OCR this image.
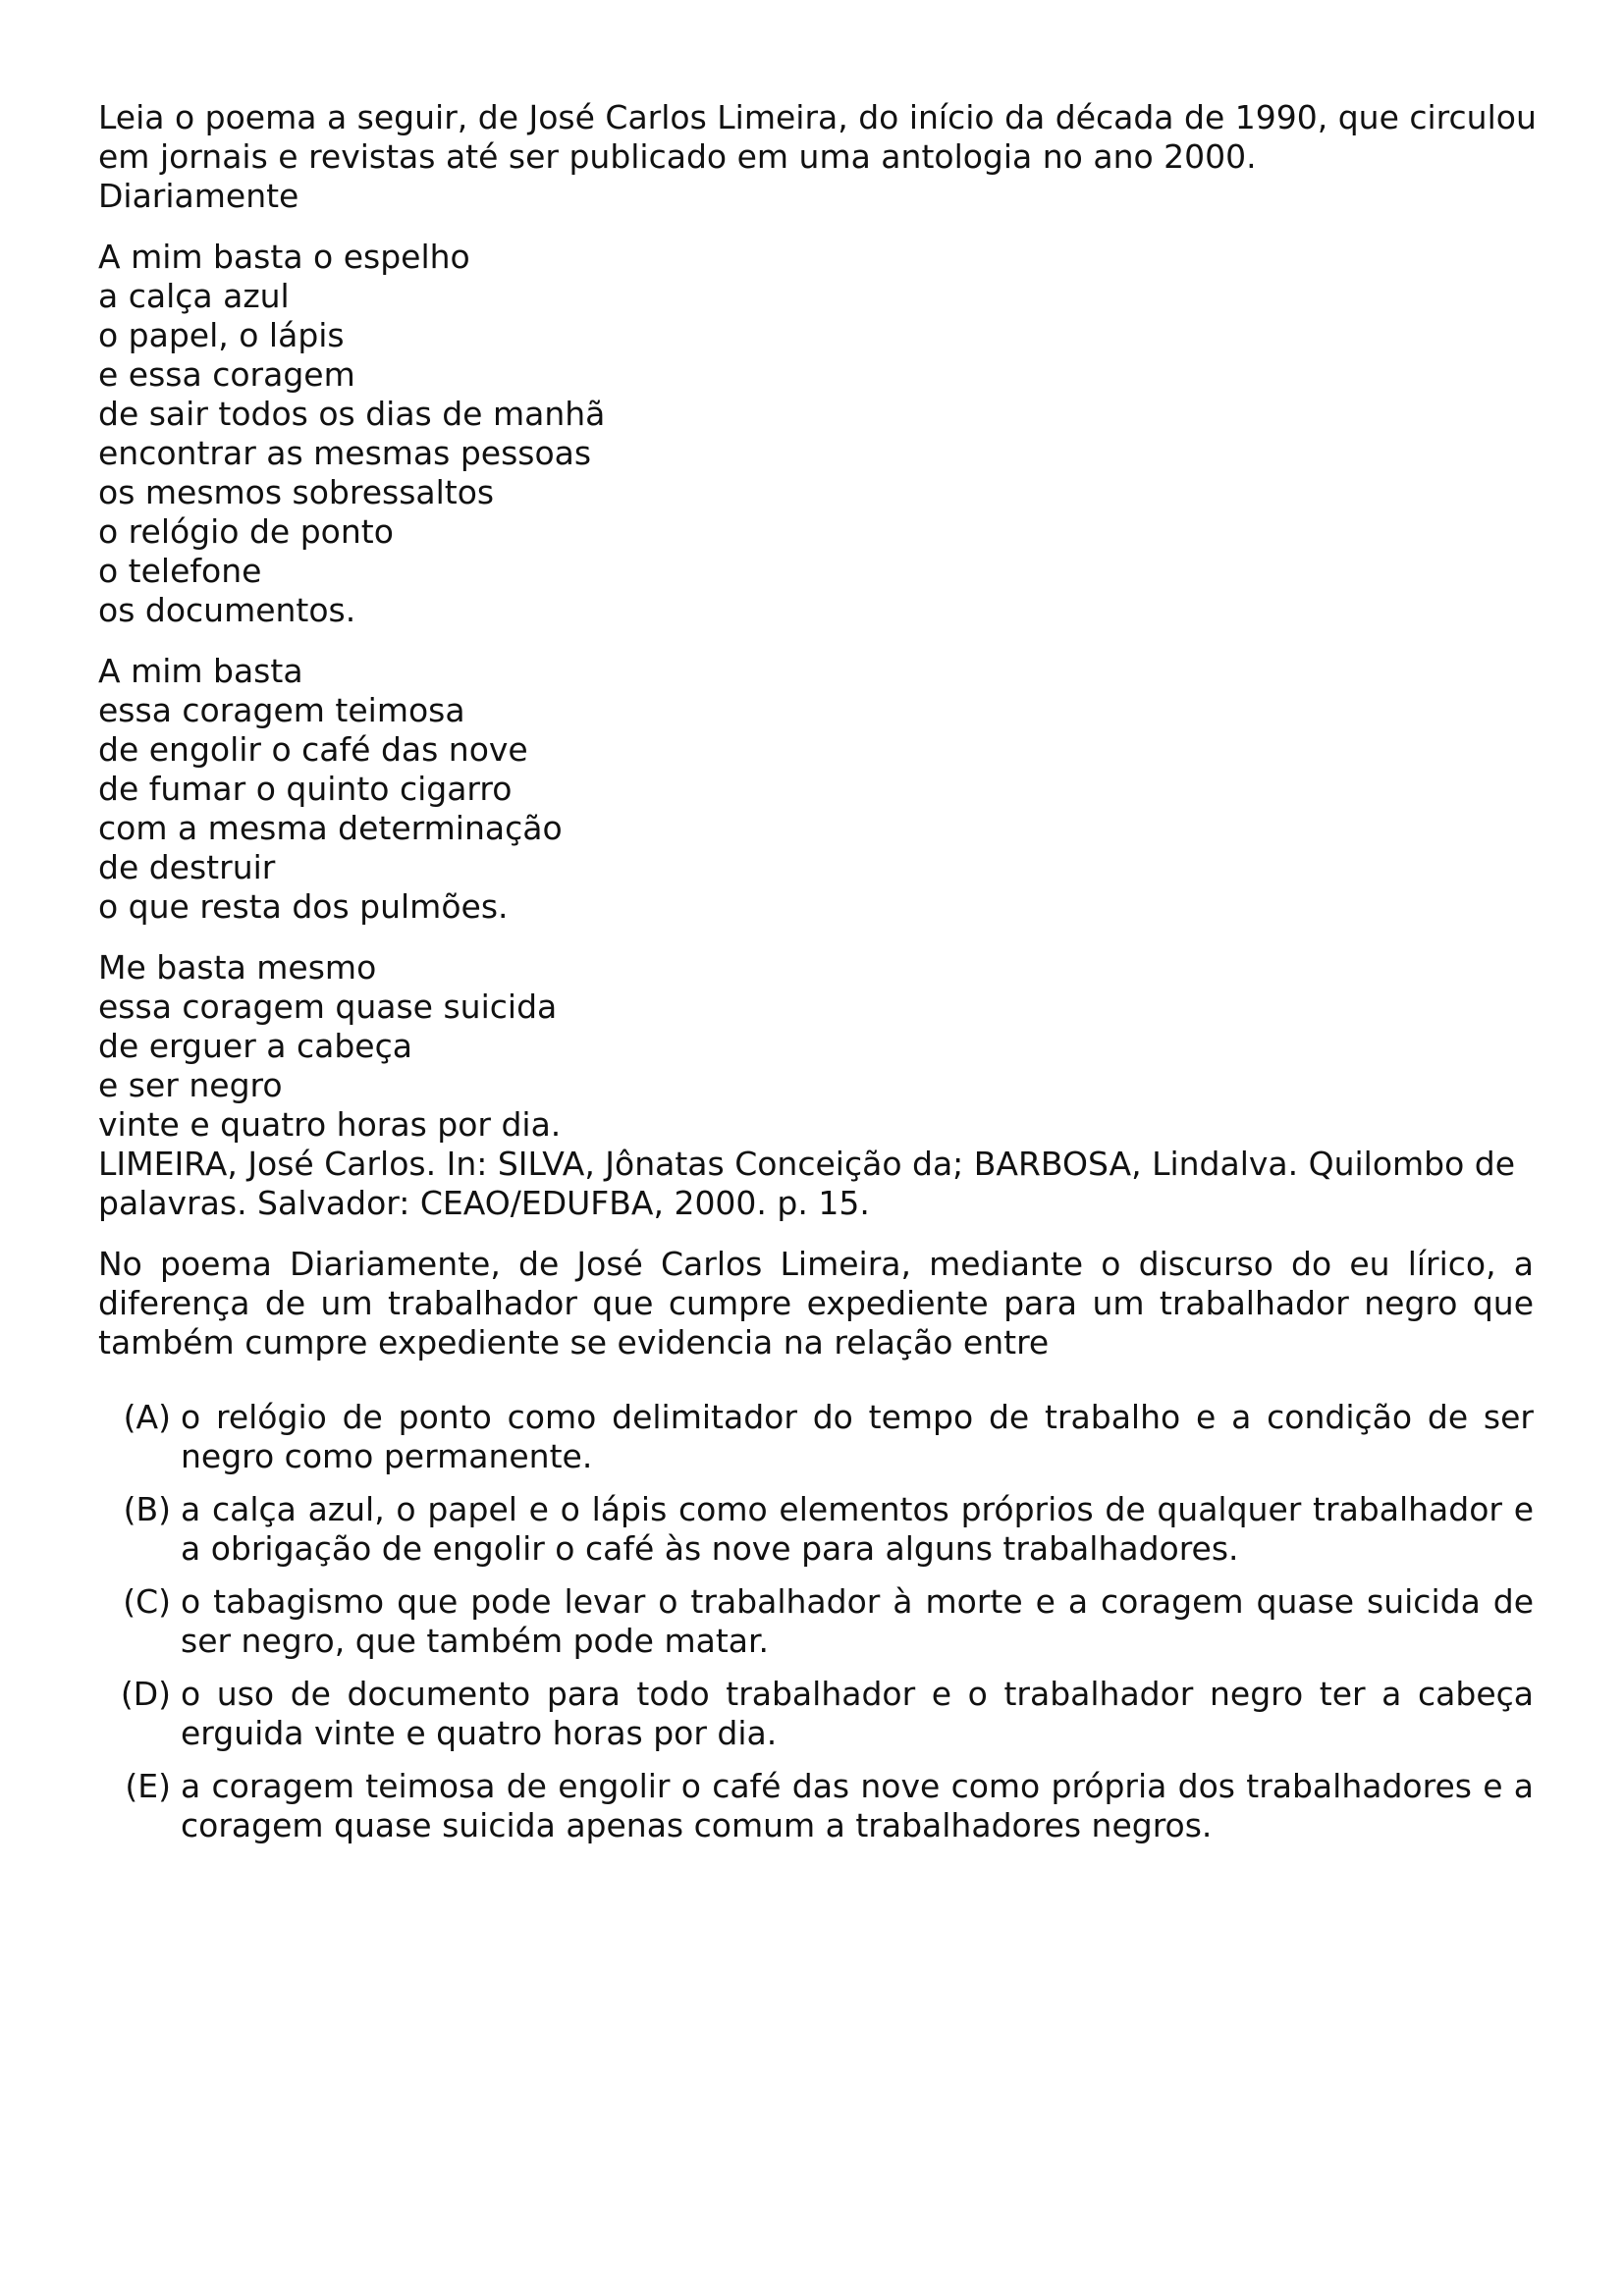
Leia o poema a seguir, de José Carlos Limeira, do início da década de 1990, que circulou
em jornais e revistas até ser publicado em uma antologia no ano 2000.
Diariamente
A mim basta o espelho
a calça azul
o papel, o lápis
e essa coragem
de sair todos os dias de manhã
encontrar as mesmas pessoas
os mesmos sobressaltos
o relógio de ponto
o telefone
os documentos.
A mim basta
essa coragem teimosa
de engolir o café das nove
de fumar o quinto cigarro
com a mesma determinação
de destruir
o que resta dos pulmões.
Me basta mesmo
essa coragem quase suicida
de erguer a cabeça
e ser negro
vinte e quatro horas por dia.
LIMEIRA, José Carlos. In: SILVA, Jônatas Conceição da; BARBOSA, Lindalva. Quilombo de
palavras. Salvador: CEAO/EDUFBA, 2000. p. 15.

No poema Diariamente, de José Carlos Limeira, mediante o discurso do eu lírico, a diferença de um trabalhador que cumpre expediente para um trabalhador negro que também cumpre expediente se evidencia na relação entre

(A) o relógio de ponto como delimitador do tempo de trabalho e a condição de ser negro como permanente.
(B) a calça azul, o papel e o lápis como elementos próprios de qualquer trabalhador e a obrigação de engolir o café às nove para alguns trabalhadores.
(C) o tabagismo que pode levar o trabalhador à morte e a coragem quase suicida de ser negro, que também pode matar.
(D) o uso de documento para todo trabalhador e o trabalhador negro ter a cabeça erguida vinte e quatro horas por dia.
(E) a coragem teimosa de engolir o café das nove como própria dos trabalhadores e a coragem quase suicida apenas comum a trabalhadores negros.
